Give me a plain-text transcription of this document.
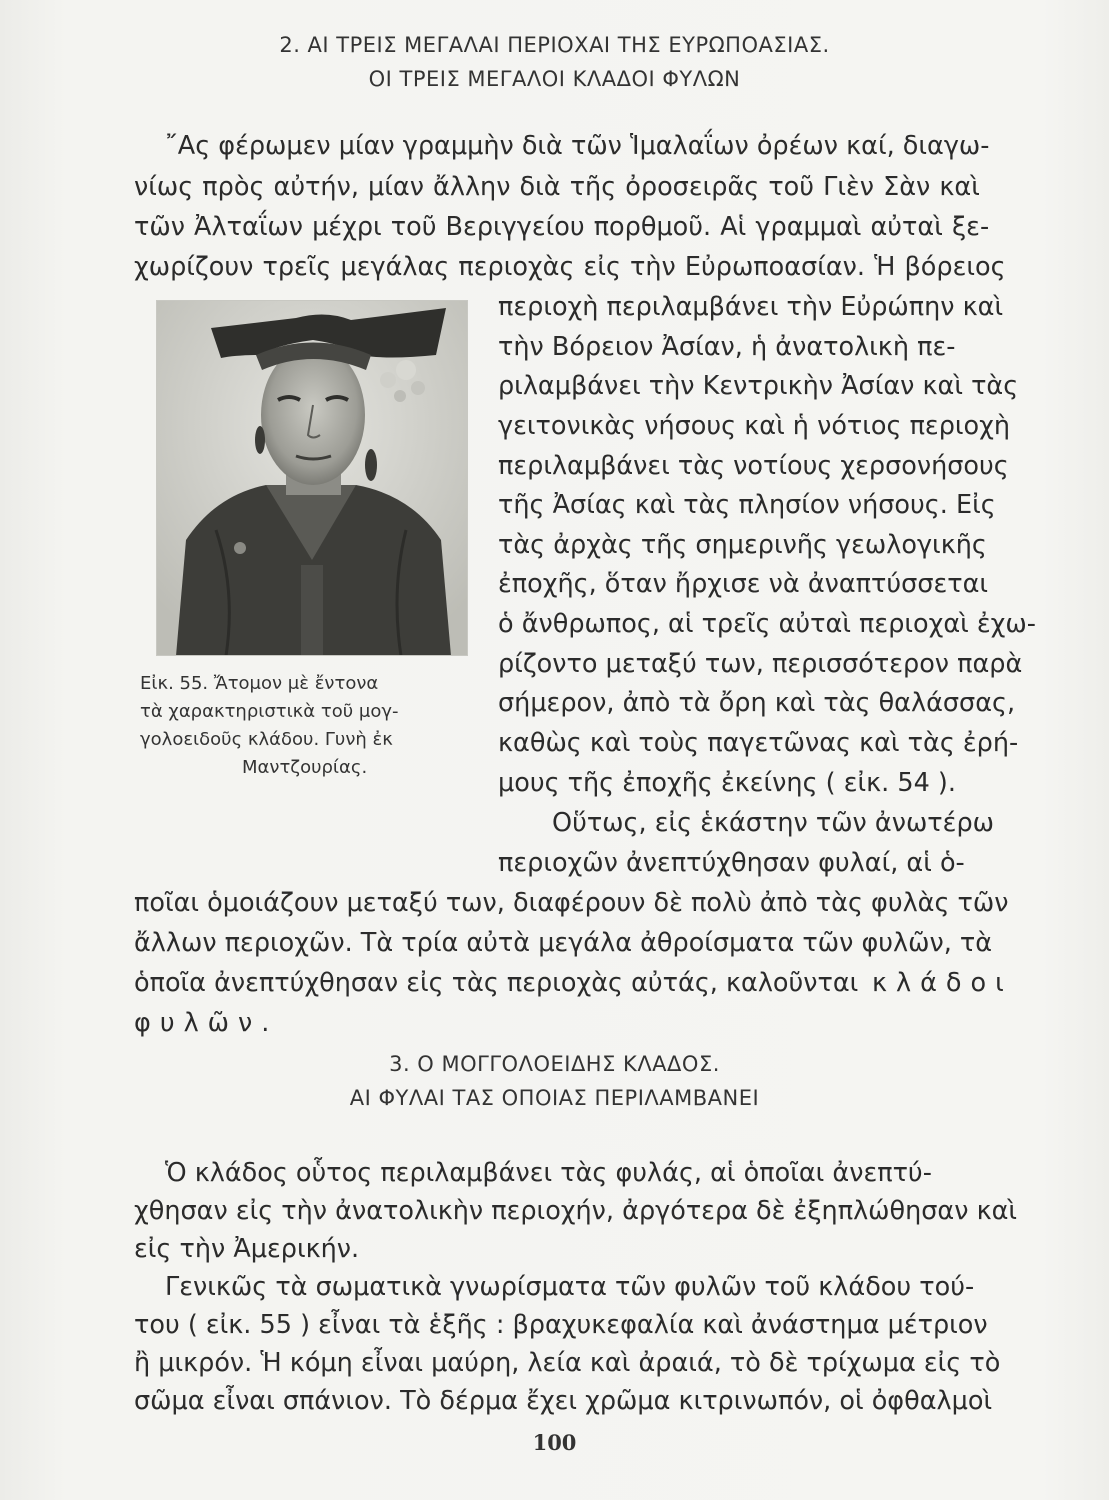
2. ΑΙ ΤΡΕΙΣ ΜΕΓΑΛΑΙ ΠΕΡΙΟΧΑΙ ΤΗΣ ΕΥΡΩΠΟΑΣΙΑΣ.
ΟΙ ΤΡΕΙΣ ΜΕΓΑΛΟΙ ΚΛΑΔΟΙ ΦΥΛΩΝ
῎Ας φέρωμεν μίαν γραμμὴν διὰ τῶν Ἱμαλαΐων ὀρέων καί, διαγω-
νίως πρὸς αὐτήν, μίαν ἄλλην διὰ τῆς ὀροσειρᾶς τοῦ Γιὲν Σὰν καὶ
τῶν Ἀλταΐων μέχρι τοῦ Βεριγγείου πορθμοῦ. Αἱ γραμμαὶ αὐταὶ ξε-
χωρίζουν τρεῖς μεγάλας περιοχὰς εἰς τὴν Εὐρωποασίαν. Ἡ βόρειος
περιοχὴ περιλαμβάνει τὴν Εὐρώπην καὶ
τὴν Βόρειον Ἀσίαν, ἡ ἀνατολικὴ πε-
ριλαμβάνει τὴν Κεντρικὴν Ἀσίαν καὶ τὰς
γειτονικὰς νήσους καὶ ἡ νότιος περιοχὴ
περιλαμβάνει τὰς νοτίους χερσονήσους
τῆς Ἀσίας καὶ τὰς πλησίον νήσους. Εἰς
τὰς ἀρχὰς τῆς σημερινῆς γεωλογικῆς
ἐποχῆς, ὅταν ἤρχισε νὰ ἀναπτύσσεται
ὁ ἄνθρωπος, αἱ τρεῖς αὐταὶ περιοχαὶ ἐχω-
ρίζοντο μεταξύ των, περισσότερον παρὰ
σήμερον, ἀπὸ τὰ ὄρη καὶ τὰς θαλάσσας,
καθὼς καὶ τοὺς παγετῶνας καὶ τὰς ἐρή-
μους τῆς ἐποχῆς ἐκείνης ( εἰκ. 54 ).
Οὕτως, εἰς ἑκάστην τῶν ἀνωτέρω
περιοχῶν ἀνεπτύχθησαν φυλαί, αἱ ὁ-
Εἰκ. 55. Ἄτομον μὲ ἔντονα
τὰ χαρακτηριστικὰ τοῦ μογ-
γολοειδοῦς κλάδου. Γυνὴ ἐκ
Μαντζουρίας.
ποῖαι ὁμοιάζουν μεταξύ των, διαφέρουν δὲ πολὺ ἀπὸ τὰς φυλὰς τῶν
ἄλλων περιοχῶν. Τὰ τρία αὐτὰ μεγάλα ἀθροίσματα τῶν φυλῶν, τὰ
ὁποῖα ἀνεπτύχθησαν εἰς τὰς περιοχὰς αὐτάς, καλοῦνται κλάδοι
φυλῶν.
3. Ο ΜΟΓΓΟΛΟΕΙΔΗΣ ΚΛΑΔΟΣ.
ΑΙ ΦΥΛΑΙ ΤΑΣ ΟΠΟΙΑΣ ΠΕΡΙΛΑΜΒΑΝΕΙ
Ὁ κλάδος οὗτος περιλαμβάνει τὰς φυλάς, αἱ ὁποῖαι ἀνεπτύ-
χθησαν εἰς τὴν ἀνατολικὴν περιοχήν, ἀργότερα δὲ ἐξηπλώθησαν καὶ
εἰς τὴν Ἀμερικήν.
Γενικῶς τὰ σωματικὰ γνωρίσματα τῶν φυλῶν τοῦ κλάδου τού-
του ( εἰκ. 55 ) εἶναι τὰ ἑξῆς : βραχυκεφαλία καὶ ἀνάστημα μέτριον
100
ἢ μικρόν. Ἡ κόμη εἶναι μαύρη, λεία καὶ ἀραιά, τὸ δὲ τρίχωμα εἰς τὸ
σῶμα εἶναι σπάνιον. Τὸ δέρμα ἔχει χρῶμα κιτρινωπόν, οἱ ὀφθαλμοὶ
